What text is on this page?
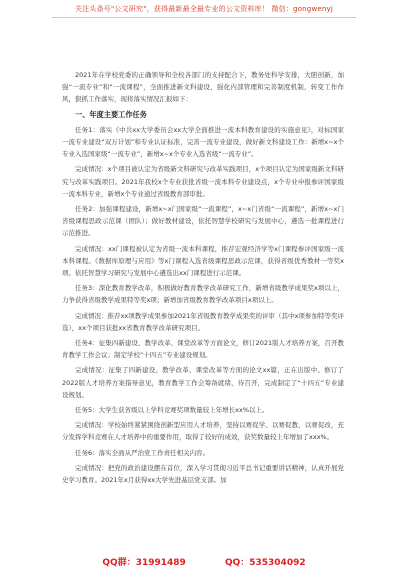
关注头条号"公文研究"，获得最新最全最专业的公文资料库！ 微信：gongwenyj

2021年在学校党委的正确领导和全校各部门的支持配合下，教务处科学安排，大胆创新，加强“一流专业”和“一流课程”，全面推进新文科建设，强化内部管理和完善制度机制，转变工作作风，狠抓工作落实，现将落实情况汇报如下：

一、年度主要工作任务

任务1：落实《中共xx大学委员会xx大学全面推进一流本科教育建设的实施意见》，对标国家一流专业建设“双万计划”和专业认证标准，完善一流专业建设，做好新文科建设工作：新增x~x个专业入选国家级“一流专业”，新增x~x个专业入选省级“一流专业”。

完成情况：x个项目被认定为省级新文科研究与改革实践项目，x个项目认定为国家级新文科研究与改革实践项目。2021年我校x个专业获批省级一流本科专业建设点，x个专业申报参评国家级一流本科专业，新增x个专业通过省级教育部审批。

任务2：加强课程建设，新增x~x门国家级“一流课程”，x~x门省级“一流课程”，新增x~x门省级课程思政示范课（团队）；做好教材建设，依托智慧学校研究与发展中心，遴选一批课程进行示范推进。

完成情况：xx门课程被认定为省级一流本科课程，推荐宏观经济学等x门课程参评国家级一流本科课程。《数据库原理与应用》等x门课程入选省级课程思政示范课，获得省级优秀教材一等奖x项。依托智慧学习研究与发展中心遴选出xx门课程进行示范课。

任务3：深化教育教学改革，积极做好教育教学改革研究工作，新增省级教学成果奖x项以上，力争获得省级教学成果特等奖x项；新增加省级教育教学改革项目x项以上。

完成情况：推荐xx项教学成果参加2021年省级教育教学成果奖的评审（其中x项参加特等奖评选），xx个项目获批xx省教育教学改革研究项目。

任务4：征集四新建设、教学改革、课堂改革等方面论文，修订2021版人才培养方案，召开教育教学工作会议；制定学校“十四五”专业建设规划。

完成情况：征集了四新建设、教学改革、课堂改革等方面的论文xx篇，正在出版中。修订了2022版人才培养方案指导意见，教育教学工作会筹备就绪，待召开，完成制定了“十四五”专业建设规划。

任务5：大学生获省级以上学科竞赛奖项数量较上年增长xx%以上。

完成情况：学校始终紧紧围绕创新型应用人才培养，坚持以赛促学、以赛促教、以赛促改，充分发挥学科竞赛在人才培养中的重要作用，取得了较好的成效，获奖数量较上年增加了xxx%。

任务6：落实全面从严治党工作责任相关内容。

完成情况：把党的政治建设摆在首位，深入学习贯彻习近平总书记重要讲话精神，认真开展党史学习教育。2021年x月获得xx大学先进基层党支部。加

QQ群：31991489	QQ：535304092
